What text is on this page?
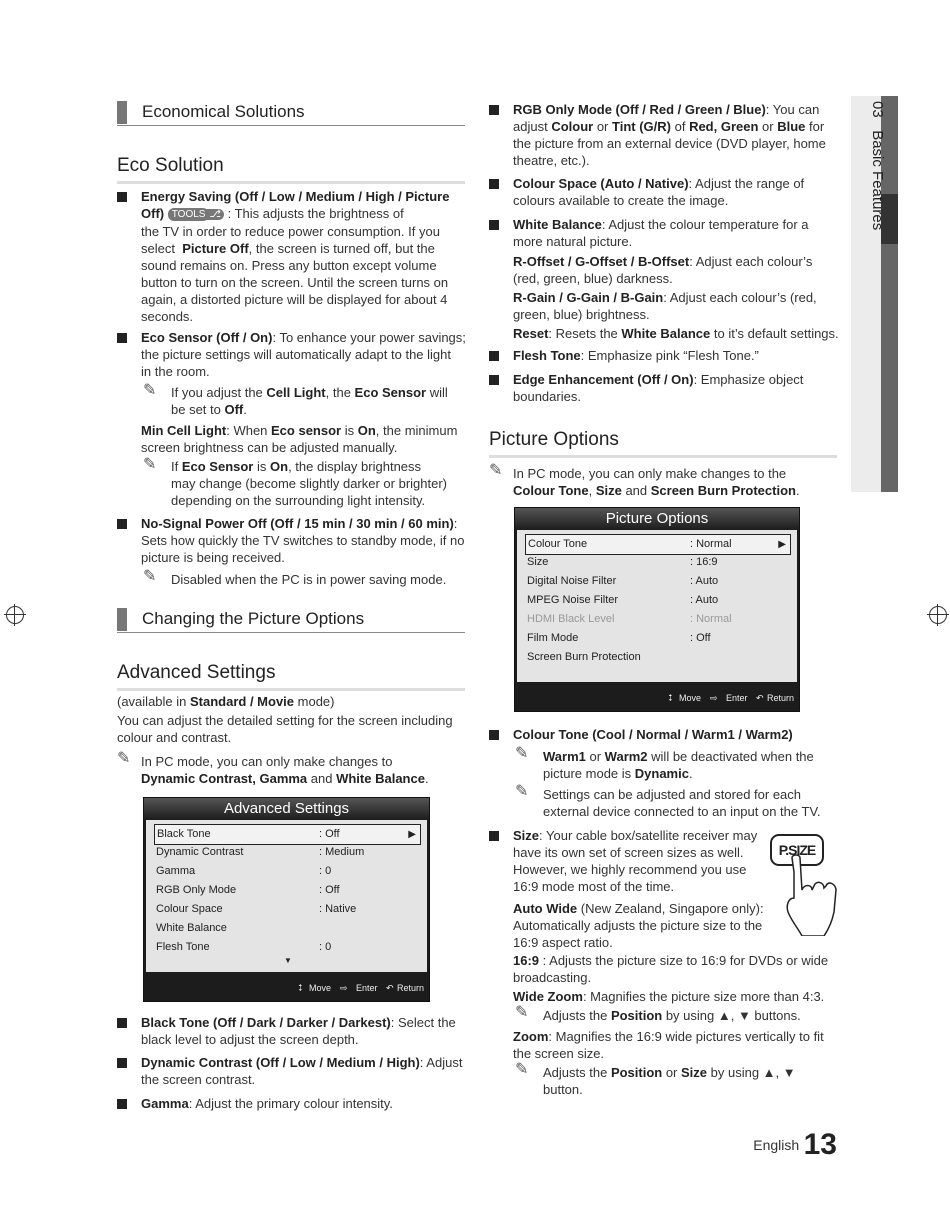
03   Basic Features
Economical Solutions
Eco Solution

Energy Saving (Off / Low / Medium / High / Picture Off) TOOLS ⎇ : This adjusts the brightness of

the TV in order to reduce power consumption. If you

select Picture Off, the screen is turned off, but the

sound remains on. Press any button except volume

button to turn on the screen. Until the screen turns on

again, a distorted picture will be displayed for about 4

seconds.

Eco Sensor (Off / On): To enhance your power savings;

the picture settings will automatically adapt to the light

in the room.

✎ If you adjust the Cell Light, the Eco Sensor will

be set to Off.

Min Cell Light: When Eco sensor is On, the minimum

screen brightness can be adjusted manually.

✎ If Eco Sensor is On, the display brightness

may change (become slightly darker or brighter)

depending on the surrounding light intensity.

No-Signal Power Off (Off / 15 min / 30 min / 60 min):

Sets how quickly the TV switches to standby mode, if no

picture is being received.

✎ Disabled when the PC is in power saving mode.
Changing the Picture Options
Advanced Settings

(available in Standard / Movie mode)

You can adjust the detailed setting for the screen including

colour and contrast.

✎ In PC mode, you can only make changes to

Dynamic Contrast, Gamma and White Balance.

Advanced Settings
Black Tone	: Off	▶
Dynamic Contrast	: Medium
Gamma	: 0
RGB Only Mode	: Off
Colour Space	: Native
White Balance
Flesh Tone	: 0
▼
⭥ Move ⇨ Enter ↶ Return

Black Tone (Off / Dark / Darker / Darkest): Select the

black level to adjust the screen depth.

Dynamic Contrast (Off / Low / Medium / High): Adjust

the screen contrast.

Gamma: Adjust the primary colour intensity.

RGB Only Mode (Off / Red / Green / Blue): You can

adjust Colour or Tint (G/R) of Red, Green or Blue for

the picture from an external device (DVD player, home

theatre, etc.).

Colour Space (Auto / Native): Adjust the range of

colours available to create the image.

White Balance: Adjust the colour temperature for a

more natural picture.

R-Offset / G-Offset / B-Offset: Adjust each colour’s

(red, green, blue) darkness.

R-Gain / G-Gain / B-Gain: Adjust each colour’s (red,

green, blue) brightness.

Reset: Resets the White Balance to it’s default settings.

Flesh Tone: Emphasize pink “Flesh Tone.”

Edge Enhancement (Off / On): Emphasize object

boundaries.

Picture Options
✎ In PC mode, you can only make changes to the

Colour Tone, Size and Screen Burn Protection.

Picture Options
Colour Tone	: Normal	▶
Size	: 16:9
Digital Noise Filter	: Auto
MPEG Noise Filter	: Auto
HDMI Black Level	: Normal
Film Mode	: Off
Screen Burn Protection
⭥ Move ⇨ Enter ↶ Return

Colour Tone (Cool / Normal / Warm1 / Warm2)

✎ Warm1 or Warm2 will be deactivated when the

picture mode is Dynamic.

✎ Settings can be adjusted and stored for each

external device connected to an input on the TV.

Size: Your cable box/satellite receiver may

have its own set of screen sizes as well.

However, we highly recommend you use

16:9 mode most of the time.

P.SIZE

Auto Wide (New Zealand, Singapore only):

Automatically adjusts the picture size to the

16:9 aspect ratio.

16:9 : Adjusts the picture size to 16:9 for DVDs or wide

broadcasting.

Wide Zoom: Magnifies the picture size more than 4:3.

✎ Adjusts the Position by using ▲, ▼ buttons.

Zoom: Magnifies the 16:9 wide pictures vertically to fit

the screen size.

✎ Adjusts the Position or Size by using ▲, ▼

button.

English 13
